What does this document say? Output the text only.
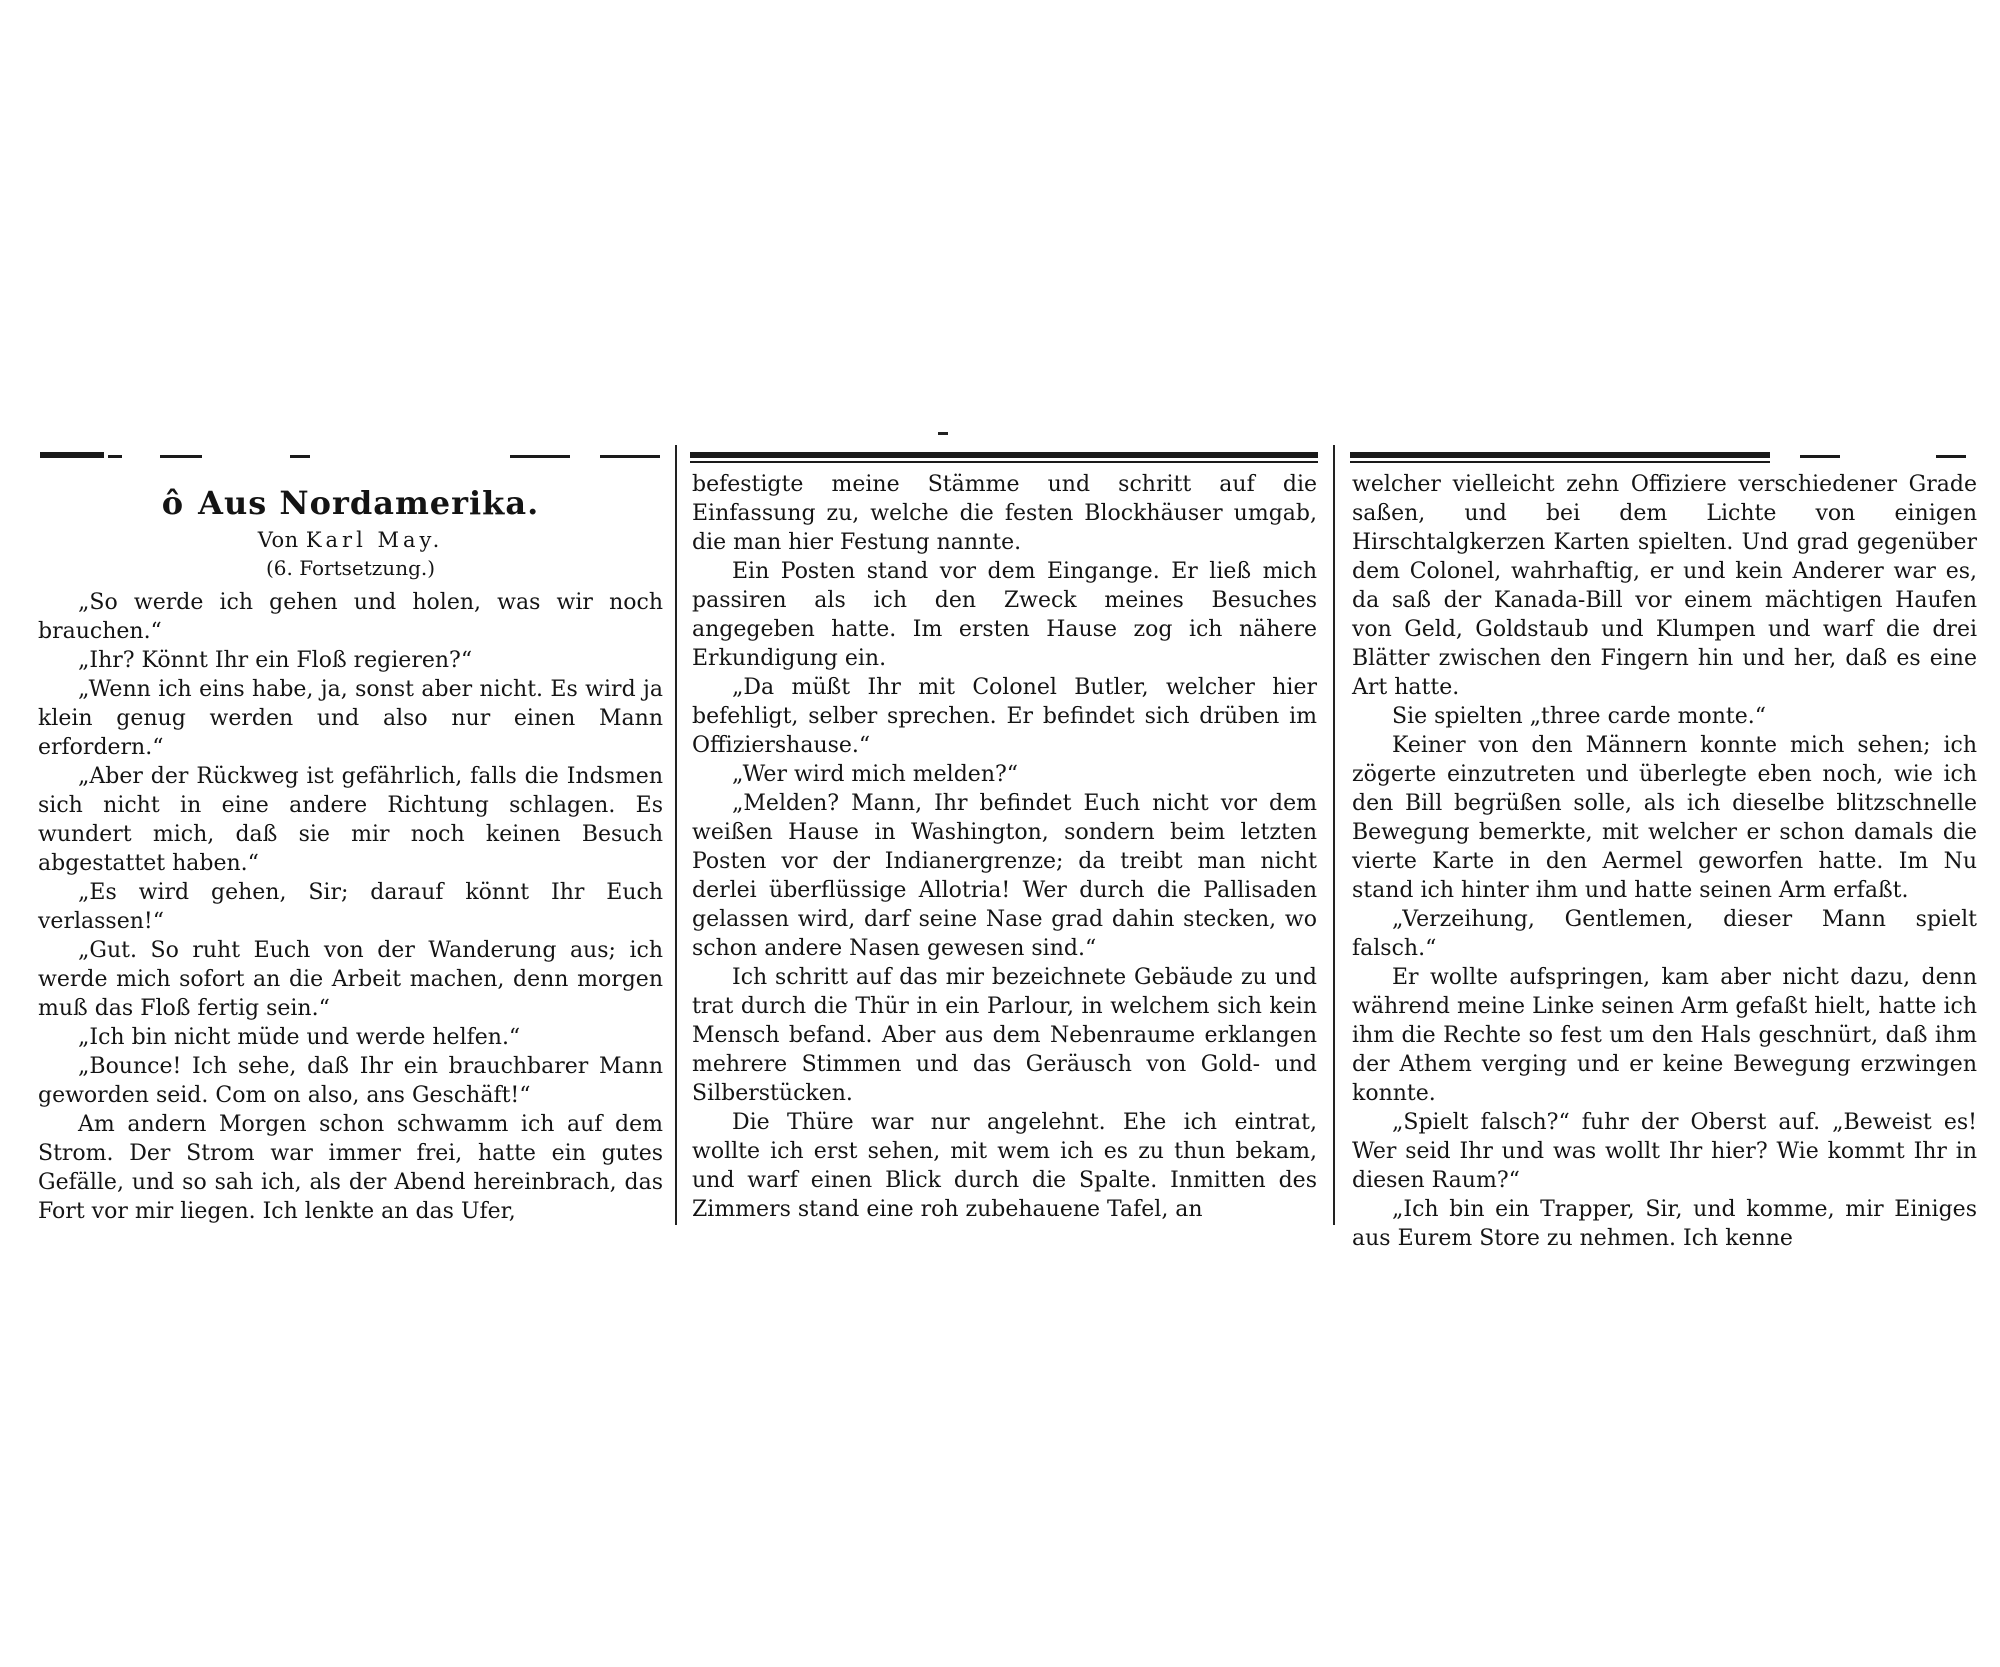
ô Aus Nordamerika.
Von Karl May.
(6. Fortsetzung.)

„So werde ich gehen und holen, was wir noch brauchen.“

„Ihr? Könnt Ihr ein Floß regieren?“

„Wenn ich eins habe, ja, sonst aber nicht. Es wird ja klein genug werden und also nur einen Mann erfordern.“

„Aber der Rückweg ist gefährlich, falls die Indsmen sich nicht in eine andere Richtung schlagen. Es wundert mich, daß sie mir noch keinen Besuch abgestattet haben.“

„Es wird gehen, Sir; darauf könnt Ihr Euch verlassen!“

„Gut. So ruht Euch von der Wanderung aus; ich werde mich sofort an die Arbeit machen, denn morgen muß das Floß fertig sein.“

„Ich bin nicht müde und werde helfen.“

„Bounce! Ich sehe, daß Ihr ein brauchbarer Mann geworden seid. Com on also, ans Geschäft!“

Am andern Morgen schon schwamm ich auf dem Strom. Der Strom war immer frei, hatte ein gutes Gefälle, und so sah ich, als der Abend hereinbrach, das Fort vor mir liegen. Ich lenkte an das Ufer,

befestigte meine Stämme und schritt auf die Einfassung zu, welche die festen Blockhäuser umgab, die man hier Festung nannte.

Ein Posten stand vor dem Eingange. Er ließ mich passiren als ich den Zweck meines Besuches angegeben hatte. Im ersten Hause zog ich nähere Erkundigung ein.

„Da müßt Ihr mit Colonel Butler, welcher hier befehligt, selber sprechen. Er befindet sich drüben im Offiziershause.“

„Wer wird mich melden?“

„Melden? Mann, Ihr befindet Euch nicht vor dem weißen Hause in Washington, sondern beim letzten Posten vor der Indianergrenze; da treibt man nicht derlei überflüssige Allotria! Wer durch die Pallisaden gelassen wird, darf seine Nase grad dahin stecken, wo schon andere Nasen gewesen sind.“

Ich schritt auf das mir bezeichnete Gebäude zu und trat durch die Thür in ein Parlour, in welchem sich kein Mensch befand. Aber aus dem Nebenraume erklangen mehrere Stimmen und das Geräusch von Gold- und Silberstücken.

Die Thüre war nur angelehnt. Ehe ich eintrat, wollte ich erst sehen, mit wem ich es zu thun bekam, und warf einen Blick durch die Spalte. Inmitten des Zimmers stand eine roh zubehauene Tafel, an

welcher vielleicht zehn Offiziere verschiedener Grade saßen, und bei dem Lichte von einigen Hirschtalgkerzen Karten spielten. Und grad gegenüber dem Colonel, wahrhaftig, er und kein Anderer war es, da saß der Kanada-Bill vor einem mächtigen Haufen von Geld, Goldstaub und Klumpen und warf die drei Blätter zwischen den Fingern hin und her, daß es eine Art hatte.

Sie spielten „three carde monte.“

Keiner von den Männern konnte mich sehen; ich zögerte einzutreten und überlegte eben noch, wie ich den Bill begrüßen solle, als ich dieselbe blitzschnelle Bewegung bemerkte, mit welcher er schon damals die vierte Karte in den Aermel geworfen hatte. Im Nu stand ich hinter ihm und hatte seinen Arm erfaßt.

„Verzeihung, Gentlemen, dieser Mann spielt falsch.“

Er wollte aufspringen, kam aber nicht dazu, denn während meine Linke seinen Arm gefaßt hielt, hatte ich ihm die Rechte so fest um den Hals geschnürt, daß ihm der Athem verging und er keine Bewegung erzwingen konnte.

„Spielt falsch?“ fuhr der Oberst auf. „Beweist es! Wer seid Ihr und was wollt Ihr hier? Wie kommt Ihr in diesen Raum?“

„Ich bin ein Trapper, Sir, und komme, mir Einiges aus Eurem Store zu nehmen. Ich kenne
